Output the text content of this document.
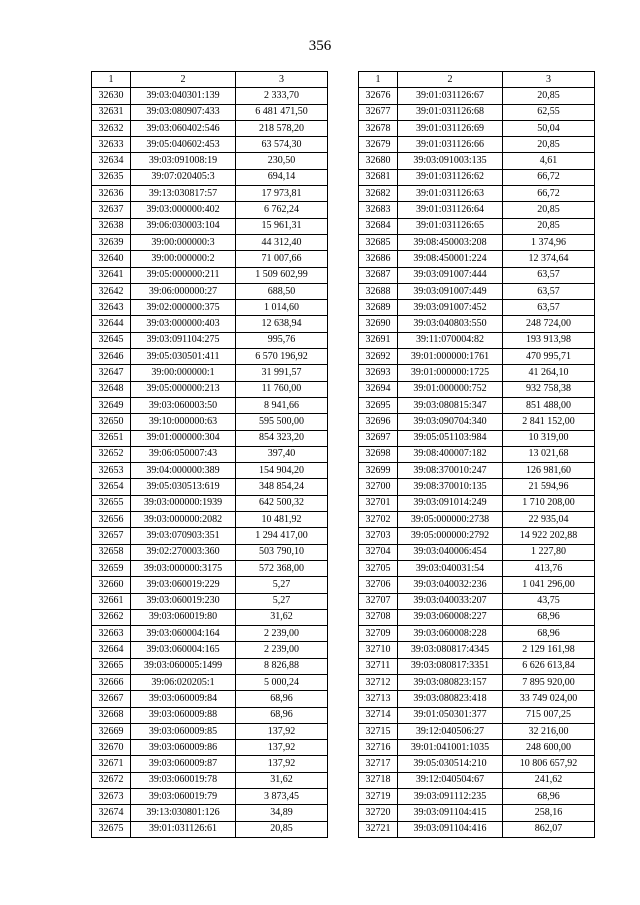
356
1	2	3
32630	39:03:040301:139	2 333,70
32631	39:03:080907:433	6 481 471,50
32632	39:03:060402:546	218 578,20
32633	39:05:040602:453	63 574,30
32634	39:03:091008:19	230,50
32635	39:07:020405:3	694,14
32636	39:13:030817:57	17 973,81
32637	39:03:000000:402	6 762,24
32638	39:06:030003:104	15 961,31
32639	39:00:000000:3	44 312,40
32640	39:00:000000:2	71 007,66
32641	39:05:000000:211	1 509 602,99
32642	39:06:000000:27	688,50
32643	39:02:000000:375	1 014,60
32644	39:03:000000:403	12 638,94
32645	39:03:091104:275	995,76
32646	39:05:030501:411	6 570 196,92
32647	39:00:000000:1	31 991,57
32648	39:05:000000:213	11 760,00
32649	39:03:060003:50	8 941,66
32650	39:10:000000:63	595 500,00
32651	39:01:000000:304	854 323,20
32652	39:06:050007:43	397,40
32653	39:04:000000:389	154 904,20
32654	39:05:030513:619	348 854,24
32655	39:03:000000:1939	642 500,32
32656	39:03:000000:2082	10 481,92
32657	39:03:070903:351	1 294 417,00
32658	39:02:270003:360	503 790,10
32659	39:03:000000:3175	572 368,00
32660	39:03:060019:229	5,27
32661	39:03:060019:230	5,27
32662	39:03:060019:80	31,62
32663	39:03:060004:164	2 239,00
32664	39:03:060004:165	2 239,00
32665	39:03:060005:1499	8 826,88
32666	39:06:020205:1	5 000,24
32667	39:03:060009:84	68,96
32668	39:03:060009:88	68,96
32669	39:03:060009:85	137,92
32670	39:03:060009:86	137,92
32671	39:03:060009:87	137,92
32672	39:03:060019:78	31,62
32673	39:03:060019:79	3 873,45
32674	39:13:030801:126	34,89
32675	39:01:031126:61	20,85
1	2	3
32676	39:01:031126:67	20,85
32677	39:01:031126:68	62,55
32678	39:01:031126:69	50,04
32679	39:01:031126:66	20,85
32680	39:03:091003:135	4,61
32681	39:01:031126:62	66,72
32682	39:01:031126:63	66,72
32683	39:01:031126:64	20,85
32684	39:01:031126:65	20,85
32685	39:08:450003:208	1 374,96
32686	39:08:450001:224	12 374,64
32687	39:03:091007:444	63,57
32688	39:03:091007:449	63,57
32689	39:03:091007:452	63,57
32690	39:03:040803:550	248 724,00
32691	39:11:070004:82	193 913,98
32692	39:01:000000:1761	470 995,71
32693	39:01:000000:1725	41 264,10
32694	39:01:000000:752	932 758,38
32695	39:03:080815:347	851 488,00
32696	39:03:090704:340	2 841 152,00
32697	39:05:051103:984	10 319,00
32698	39:08:400007:182	13 021,68
32699	39:08:370010:247	126 981,60
32700	39:08:370010:135	21 594,96
32701	39:03:091014:249	1 710 208,00
32702	39:05:000000:2738	22 935,04
32703	39:05:000000:2792	14 922 202,88
32704	39:03:040006:454	1 227,80
32705	39:03:040031:54	413,76
32706	39:03:040032:236	1 041 296,00
32707	39:03:040033:207	43,75
32708	39:03:060008:227	68,96
32709	39:03:060008:228	68,96
32710	39:03:080817:4345	2 129 161,98
32711	39:03:080817:3351	6 626 613,84
32712	39:03:080823:157	7 895 920,00
32713	39:03:080823:418	33 749 024,00
32714	39:01:050301:377	715 007,25
32715	39:12:040506:27	32 216,00
32716	39:01:041001:1035	248 600,00
32717	39:05:030514:210	10 806 657,92
32718	39:12:040504:67	241,62
32719	39:03:091112:235	68,96
32720	39:03:091104:415	258,16
32721	39:03:091104:416	862,07
